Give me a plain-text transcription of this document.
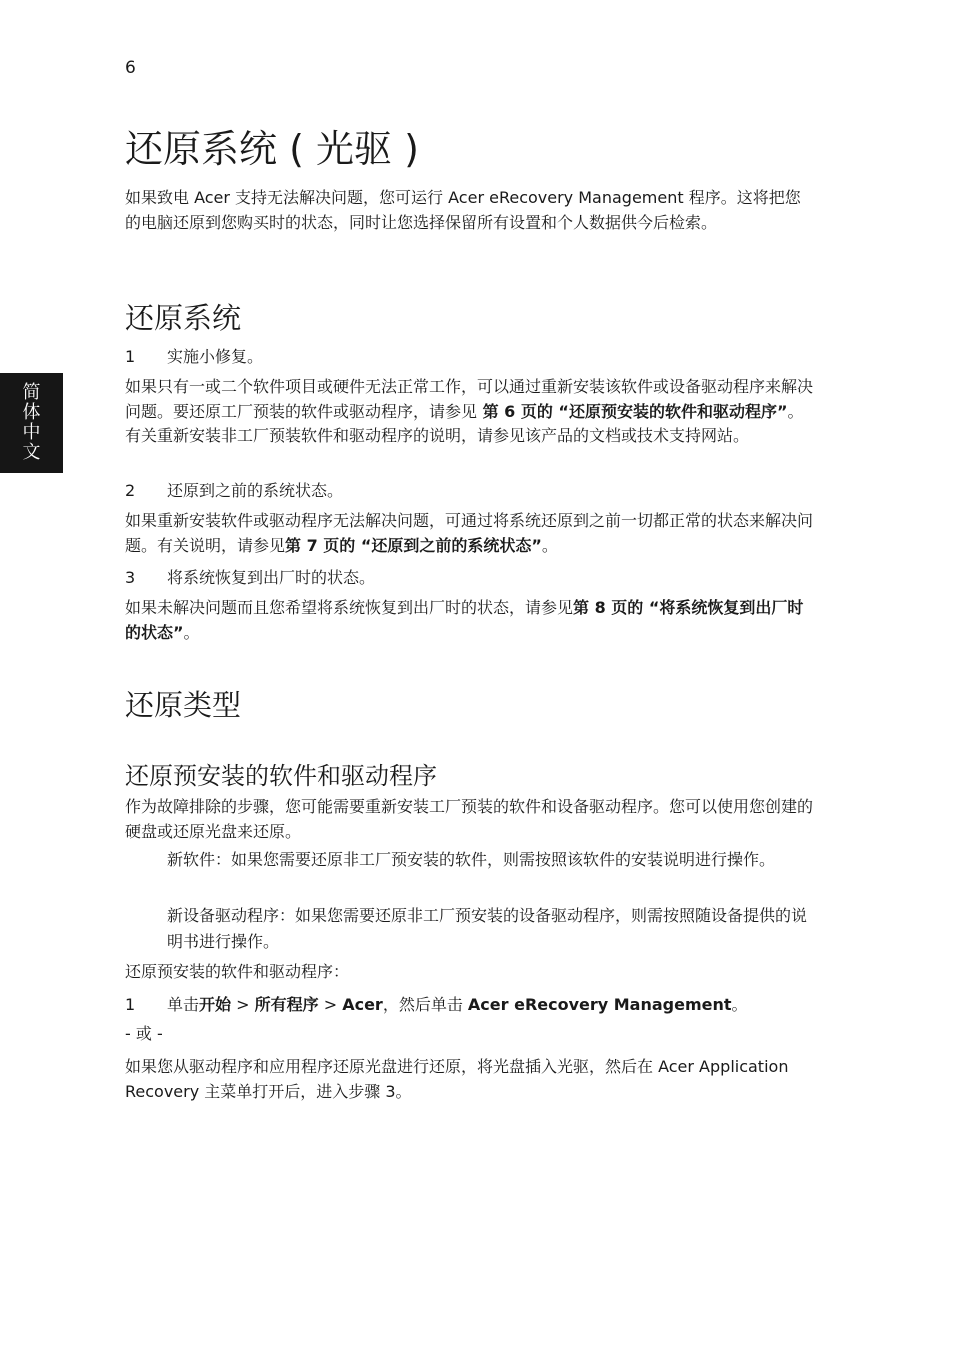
6
简体中文
还原系统 ( 光驱 )

如果致电 Acer 支持无法解决问题，您可运行 Acer eRecovery Management 程序。这将把您的电脑还原到您购买时的状态，同时让您选择保留所有设置和个人数据供今后检索。

还原系统

1 实施小修复。

如果只有一或二个软件项目或硬件无法正常工作，可以通过重新安装该软件或设备驱动程序来解决问题。要还原工厂预装的软件或驱动程序，请参见 第 6 页的 “还原预安装的软件和驱动程序”。有关重新安装非工厂预装软件和驱动程序的说明，请参见该产品的文档或技术支持网站。

2 还原到之前的系统状态。

如果重新安装软件或驱动程序无法解决问题，可通过将系统还原到之前一切都正常的状态来解决问题。有关说明，请参见第 7 页的 “还原到之前的系统状态”。

3 将系统恢复到出厂时的状态。

如果未解决问题而且您希望将系统恢复到出厂时的状态，请参见第 8 页的 “将系统恢复到出厂时的状态”。

还原类型
还原预安装的软件和驱动程序

作为故障排除的步骤，您可能需要重新安装工厂预装的软件和设备驱动程序。您可以使用您创建的硬盘或还原光盘来还原。

新软件：如果您需要还原非工厂预安装的软件，则需按照该软件的安装说明进行操作。

新设备驱动程序：如果您需要还原非工厂预安装的设备驱动程序，则需按照随设备提供的说明书进行操作。

还原预安装的软件和驱动程序：

1 单击开始 > 所有程序 > Acer，然后单击 Acer eRecovery Management。

- 或 -

如果您从驱动程序和应用程序还原光盘进行还原，将光盘插入光驱，然后在 Acer Application Recovery 主菜单打开后，进入步骤 3。
